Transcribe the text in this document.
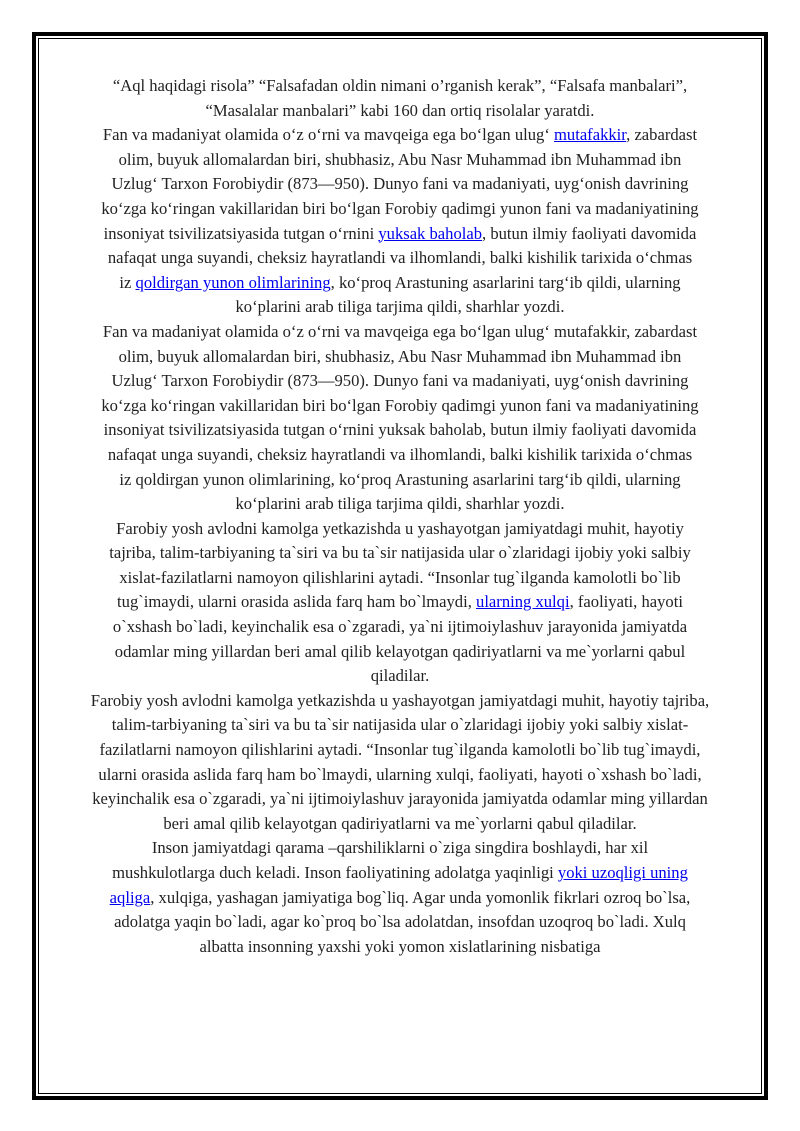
“Aql haqidagi risola” “Falsafadan oldin nimani o’rganish kerak”, “Falsafa manbalari”, “Masalalar manbalari” kabi 160 dan ortiq risolalar yaratdi.

Fan va madaniyat olamida o‘z o‘rni va mavqeiga ega bo‘lgan ulug‘ mutafakkir, zabardast olim, buyuk allomalardan biri, shubhasiz, Abu Nasr Muhammad ibn Muhammad ibn Uzlug‘ Tarxon Forobiydir (873—950). Dunyo fani va madaniyati, uyg‘onish davrining ko‘zga ko‘ringan vakillaridan biri bo‘lgan Forobiy qadimgi yunon fani va madaniyatining insoniyat tsivilizatsiyasida tutgan o‘rnini yuksak baholab, butun ilmiy faoliyati davomida nafaqat unga suyandi, cheksiz hayratlandi va ilhomlandi, balki kishilik tarixida o‘chmas iz qoldirgan yunon olimlarining, ko‘proq Arastuning asarlarini targ‘ib qildi, ularning ko‘plarini arab tiliga tarjima qildi, sharhlar yozdi.

Fan va madaniyat olamida o‘z o‘rni va mavqeiga ega bo‘lgan ulug‘ mutafakkir, zabardast olim, buyuk allomalardan biri, shubhasiz, Abu Nasr Muhammad ibn Muhammad ibn Uzlug‘ Tarxon Forobiydir (873—950). Dunyo fani va madaniyati, uyg‘onish davrining ko‘zga ko‘ringan vakillaridan biri bo‘lgan Forobiy qadimgi yunon fani va madaniyatining insoniyat tsivilizatsiyasida tutgan o‘rnini yuksak baholab, butun ilmiy faoliyati davomida nafaqat unga suyandi, cheksiz hayratlandi va ilhomlandi, balki kishilik tarixida o‘chmas iz qoldirgan yunon olimlarining, ko‘proq Arastuning asarlarini targ‘ib qildi, ularning ko‘plarini arab tiliga tarjima qildi, sharhlar yozdi.

Farobiy yosh avlodni kamolga yetkazishda u yashayotgan jamiyatdagi muhit, hayotiy tajriba, talim-tarbiyaning ta`siri va bu ta`sir natijasida ular o`zlaridagi ijobiy yoki salbiy xislat-fazilatlarni namoyon qilishlarini aytadi. “Insonlar tug`ilganda kamolotli bo`lib tug`imaydi, ularni orasida aslida farq ham bo`lmaydi, ularning xulqi, faoliyati, hayoti o`xshash bo`ladi, keyinchalik esa o`zgaradi, ya`ni ijtimoiylashuv jarayonida jamiyatda odamlar ming yillardan beri amal qilib kelayotgan qadiriyatlarni va me`yorlarni qabul qiladilar.

Farobiy yosh avlodni kamolga yetkazishda u yashayotgan jamiyatdagi muhit, hayotiy tajriba, talim-tarbiyaning ta`siri va bu ta`sir natijasida ular o`zlaridagi ijobiy yoki salbiy xislat-fazilatlarni namoyon qilishlarini aytadi. “Insonlar tug`ilganda kamolotli bo`lib tug`imaydi, ularni orasida aslida farq ham bo`lmaydi, ularning xulqi, faoliyati, hayoti o`xshash bo`ladi, keyinchalik esa o`zgaradi, ya`ni ijtimoiylashuv jarayonida jamiyatda odamlar ming yillardan beri amal qilib kelayotgan qadiriyatlarni va me`yorlarni qabul qiladilar.

Inson jamiyatdagi qarama –qarshiliklarni o`ziga singdira boshlaydi, har xil mushkulotlarga duch keladi. Inson faoliyatining adolatga yaqinligi yoki uzoqligi uning aqliga, xulqiga, yashagan jamiyatiga bog`liq. Agar unda yomonlik fikrlari ozroq bo`lsa, adolatga yaqin bo`ladi, agar ko`proq bo`lsa adolatdan, insofdan uzoqroq bo`ladi. Xulq albatta insonning yaxshi yoki yomon xislatlarining nisbatiga
